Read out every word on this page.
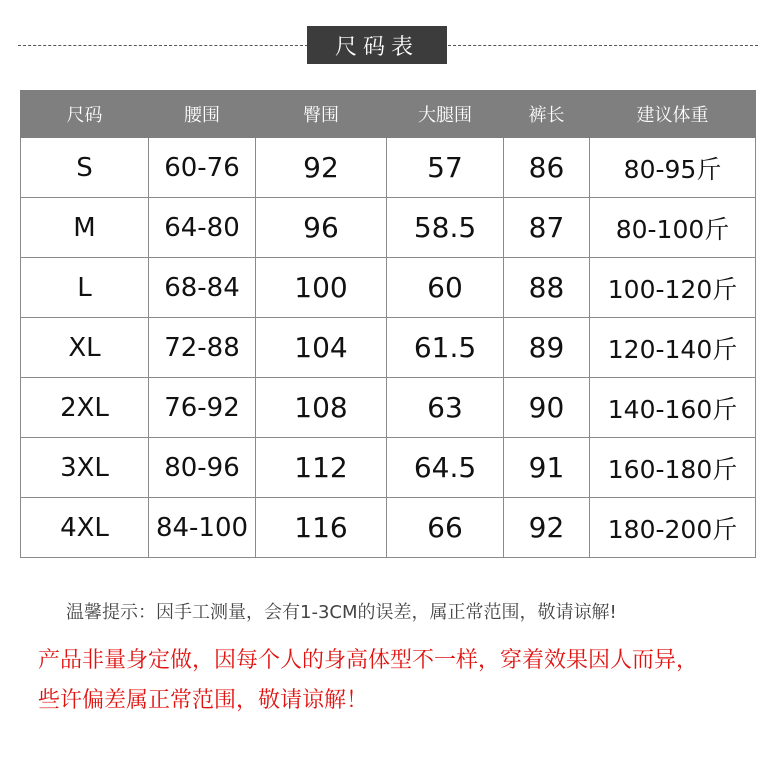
尺码表
尺码	腰围	臀围	大腿围	裤长	建议体重
S	60-76	92	57	86	80-95斤
M	64-80	96	58.5	87	80-100斤
L	68-84	100	60	88	100-120斤
XL	72-88	104	61.5	89	120-140斤
2XL	76-92	108	63	90	140-160斤
3XL	80-96	112	64.5	91	160-180斤
4XL	84-100	116	66	92	180-200斤
温馨提示：因手工测量，会有1-3CM的误差，属正常范围，敬请谅解!
产品非量身定做，因每个人的身高体型不一样，穿着效果因人而异，
些许偏差属正常范围，敬请谅解！
